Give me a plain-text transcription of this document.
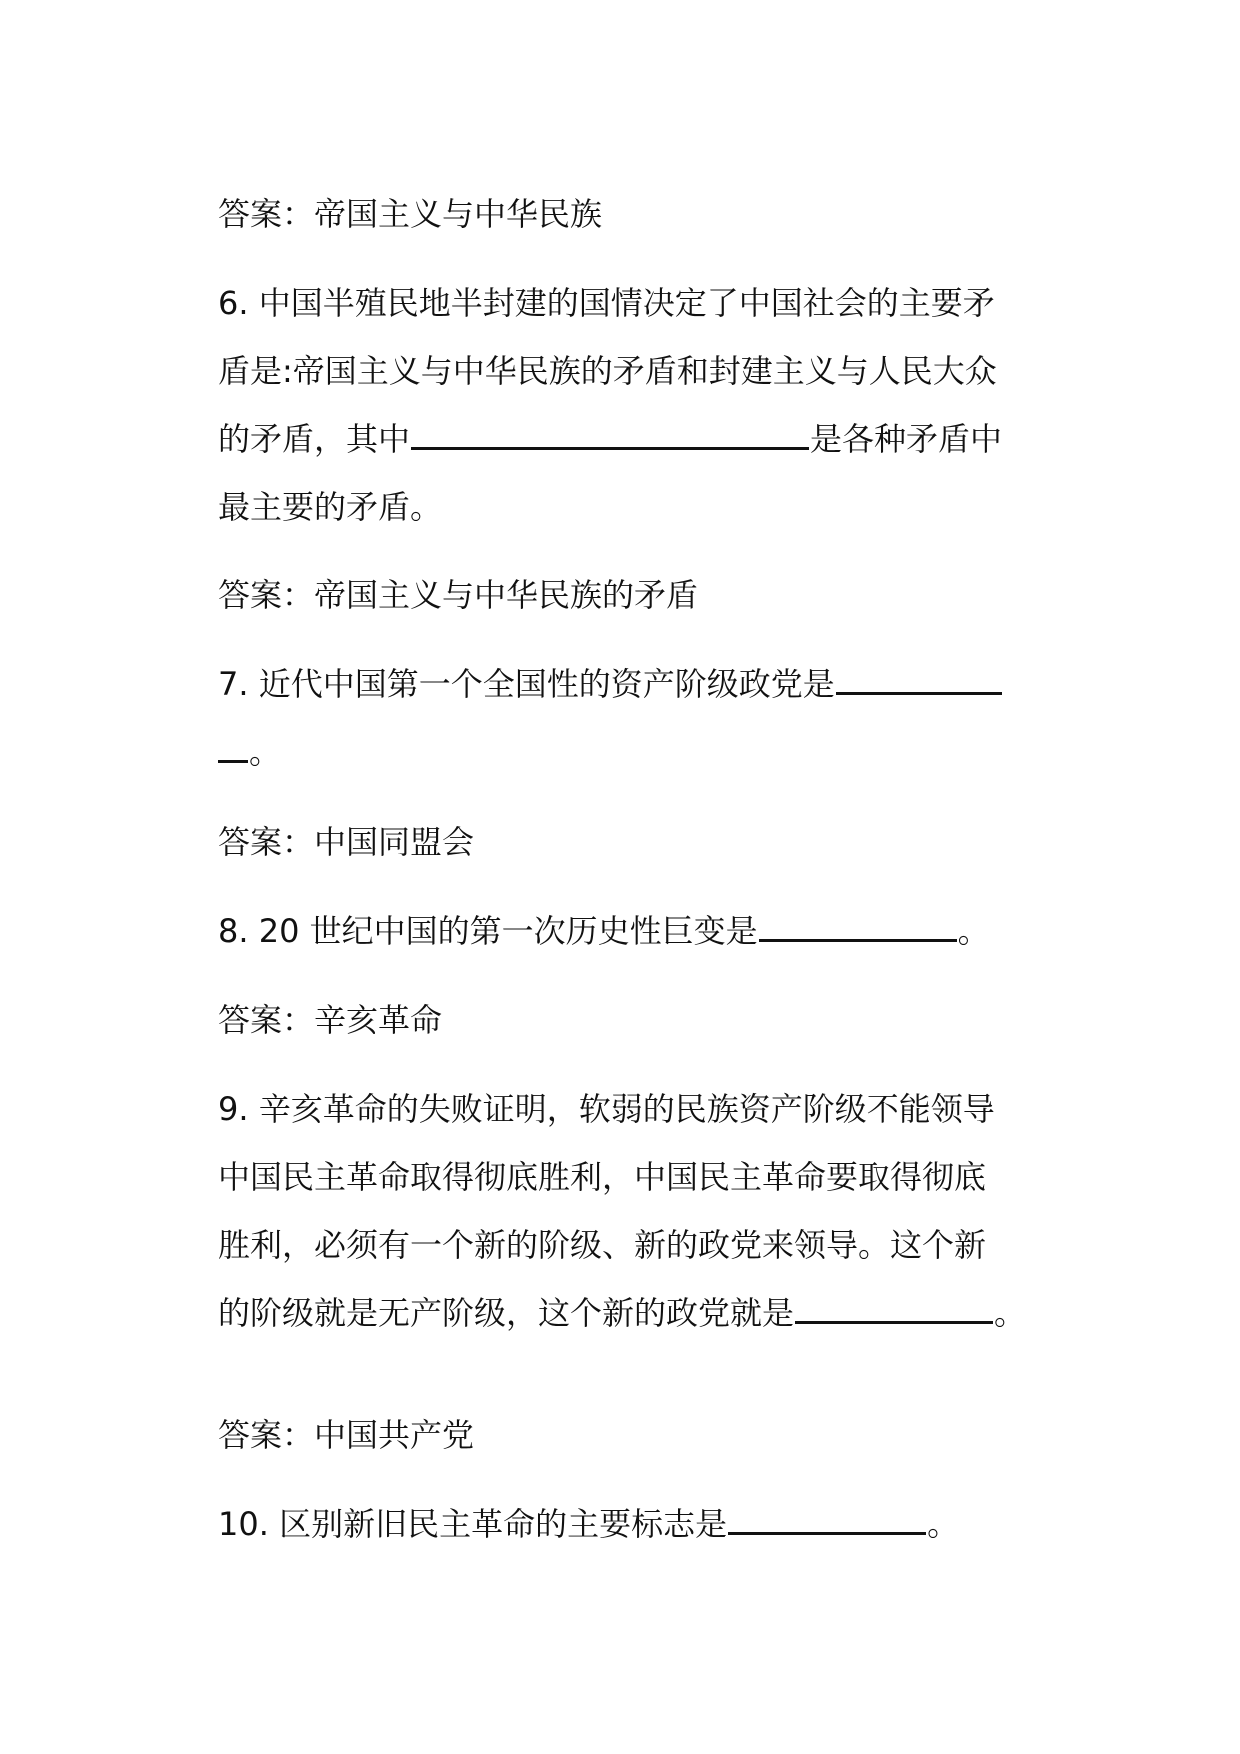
答案：帝国主义与中华民族
6. 中国半殖民地半封建的国情决定了中国社会的主要矛
盾是:帝国主义与中华民族的矛盾和封建主义与人民大众
的矛盾，其中	是各种矛盾中
最主要的矛盾。
答案：帝国主义与中华民族的矛盾
7. 近代中国第一个全国性的资产阶级政党是
。
答案：中国同盟会
8. 20 世纪中国的第一次历史性巨变是	。
答案：辛亥革命
9. 辛亥革命的失败证明，软弱的民族资产阶级不能领导
中国民主革命取得彻底胜利，中国民主革命要取得彻底
胜利，必须有一个新的阶级、新的政党来领导。这个新
的阶级就是无产阶级，这个新的政党就是	。
答案：中国共产党
10. 区别新旧民主革命的主要标志是	。
